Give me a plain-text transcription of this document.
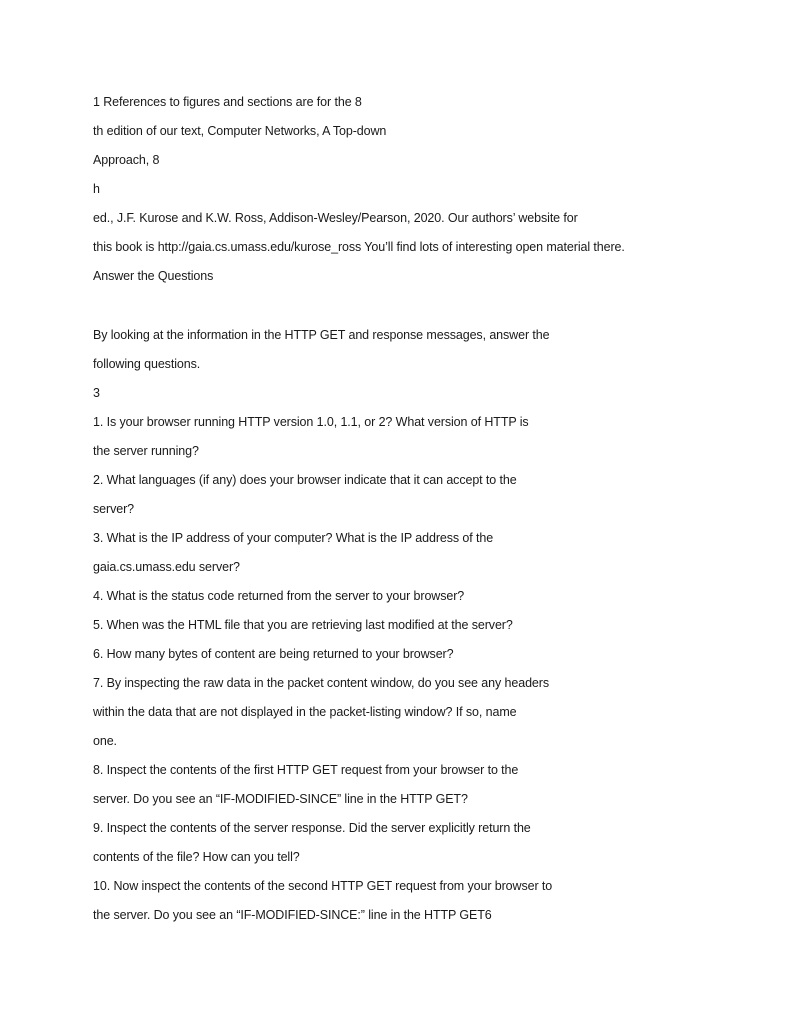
1 References to figures and sections are for the 8
th edition of our text, Computer Networks, A Top-down
Approach, 8
h
ed., J.F. Kurose and K.W. Ross, Addison-Wesley/Pearson, 2020. Our authors’ website for
this book is http://gaia.cs.umass.edu/kurose_ross You’ll find lots of interesting open material there.
Answer the Questions
By looking at the information in the HTTP GET and response messages, answer the
following questions.
3
1. Is your browser running HTTP version 1.0, 1.1, or 2? What version of HTTP is
the server running?
2. What languages (if any) does your browser indicate that it can accept to the
server?
3. What is the IP address of your computer? What is the IP address of the
gaia.cs.umass.edu server?
4. What is the status code returned from the server to your browser?
5. When was the HTML file that you are retrieving last modified at the server?
6. How many bytes of content are being returned to your browser?
7. By inspecting the raw data in the packet content window, do you see any headers
within the data that are not displayed in the packet-listing window? If so, name
one.
8. Inspect the contents of the first HTTP GET request from your browser to the
server. Do you see an “IF-MODIFIED-SINCE” line in the HTTP GET?
9. Inspect the contents of the server response. Did the server explicitly return the
contents of the file? How can you tell?
10. Now inspect the contents of the second HTTP GET request from your browser to
the server. Do you see an “IF-MODIFIED-SINCE:” line in the HTTP GET6
